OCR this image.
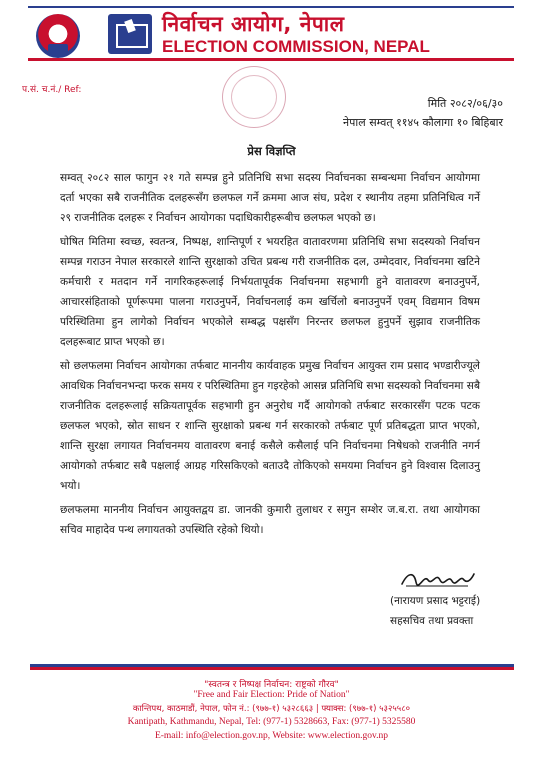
निर्वाचन आयोग, नेपाल
ELECTION COMMISSION, NEPAL
प.सं. च.नं./ Ref:
मिति २०८२/०६/३०
नेपाल सम्वत् ११४५ कौलागा १० बिहिबार
प्रेस विज्ञप्ति

सम्वत् २०८२ साल फागुन २१ गते सम्पन्न हुने प्रतिनिधि सभा सदस्य निर्वाचनका सम्बन्धमा निर्वाचन आयोगमा दर्ता भएका सबै राजनीतिक दलहरूसँग छलफल गर्ने क्रममा आज संघ, प्रदेश र स्थानीय तहमा प्रतिनिधित्व गर्ने २९ राजनीतिक दलहरू र निर्वाचन आयोगका पदाधिकारीहरूबीच छलफल भएको छ।

घोषित मितिमा स्वच्छ, स्वतन्त्र, निष्पक्ष, शान्तिपूर्ण र भयरहित वातावरणमा प्रतिनिधि सभा सदस्यको निर्वाचन सम्पन्न गराउन नेपाल सरकारले शान्ति सुरक्षाको उचित प्रबन्ध गरी राजनीतिक दल, उम्मेदवार, निर्वाचनमा खटिने कर्मचारी र मतदान गर्ने नागरिकहरूलाई निर्भयतापूर्वक निर्वाचनमा सहभागी हुने वातावरण बनाउनुपर्ने, आचारसंहिताको पूर्णरूपमा पालना गराउनुपर्ने, निर्वाचनलाई कम खर्चिलो बनाउनुपर्ने एवम् विद्यमान विषम परिस्थितिमा हुन लागेको निर्वाचन भएकोले सम्बद्ध पक्षसँग निरन्तर छलफल हुनुपर्ने सुझाव राजनीतिक दलहरूबाट प्राप्त भएको छ।

सो छलफलमा निर्वाचन आयोगका तर्फबाट माननीय कार्यवाहक प्रमुख निर्वाचन आयुक्त राम प्रसाद भण्डारीज्यूले आवधिक निर्वाचनभन्दा फरक समय र परिस्थितिमा हुन गइरहेको आसन्न प्रतिनिधि सभा सदस्यको निर्वाचनमा सबै राजनीतिक दलहरूलाई सक्रियतापूर्वक सहभागी हुन अनुरोध गर्दै आयोगको तर्फबाट सरकारसँग पटक पटक छलफल भएको, स्रोत साधन र शान्ति सुरक्षाको प्रबन्ध गर्न सरकारको तर्फबाट पूर्ण प्रतिबद्धता प्राप्त भएको, शान्ति सुरक्षा लगायत निर्वाचनमय वातावरण बनाई कसैले कसैलाई पनि निर्वाचनमा निषेधको राजनीति नगर्न आयोगको तर्फबाट सबै पक्षलाई आग्रह गरिसकिएको बताउदै तोकिएको समयमा निर्वाचन हुने विश्वास दिलाउनु भयो।

छलफलमा माननीय निर्वाचन आयुक्तद्वय डा. जानकी कुमारी तुलाधर र सगुन सम्शेर ज.ब.रा. तथा आयोगका सचिव माहादेव पन्थ लगायतको उपस्थिति रहेको थियो।

(नारायण प्रसाद भट्टराई)
सहसचिव तथा प्रवक्ता
"स्वतन्त्र र निष्पक्ष निर्वाचन: राष्ट्रको गौरव"
"Free and Fair Election: Pride of Nation"
कान्तिपथ, काठमाडौं, नेपाल, फोन नं.: (९७७-१) ५३२८६६३ | फ्याक्स: (९७७-१) ५३२५५८०
Kantipath, Kathmandu, Nepal, Tel: (977-1) 5328663, Fax: (977-1) 5325580
E-mail: info@election.gov.np, Website: www.election.gov.np
